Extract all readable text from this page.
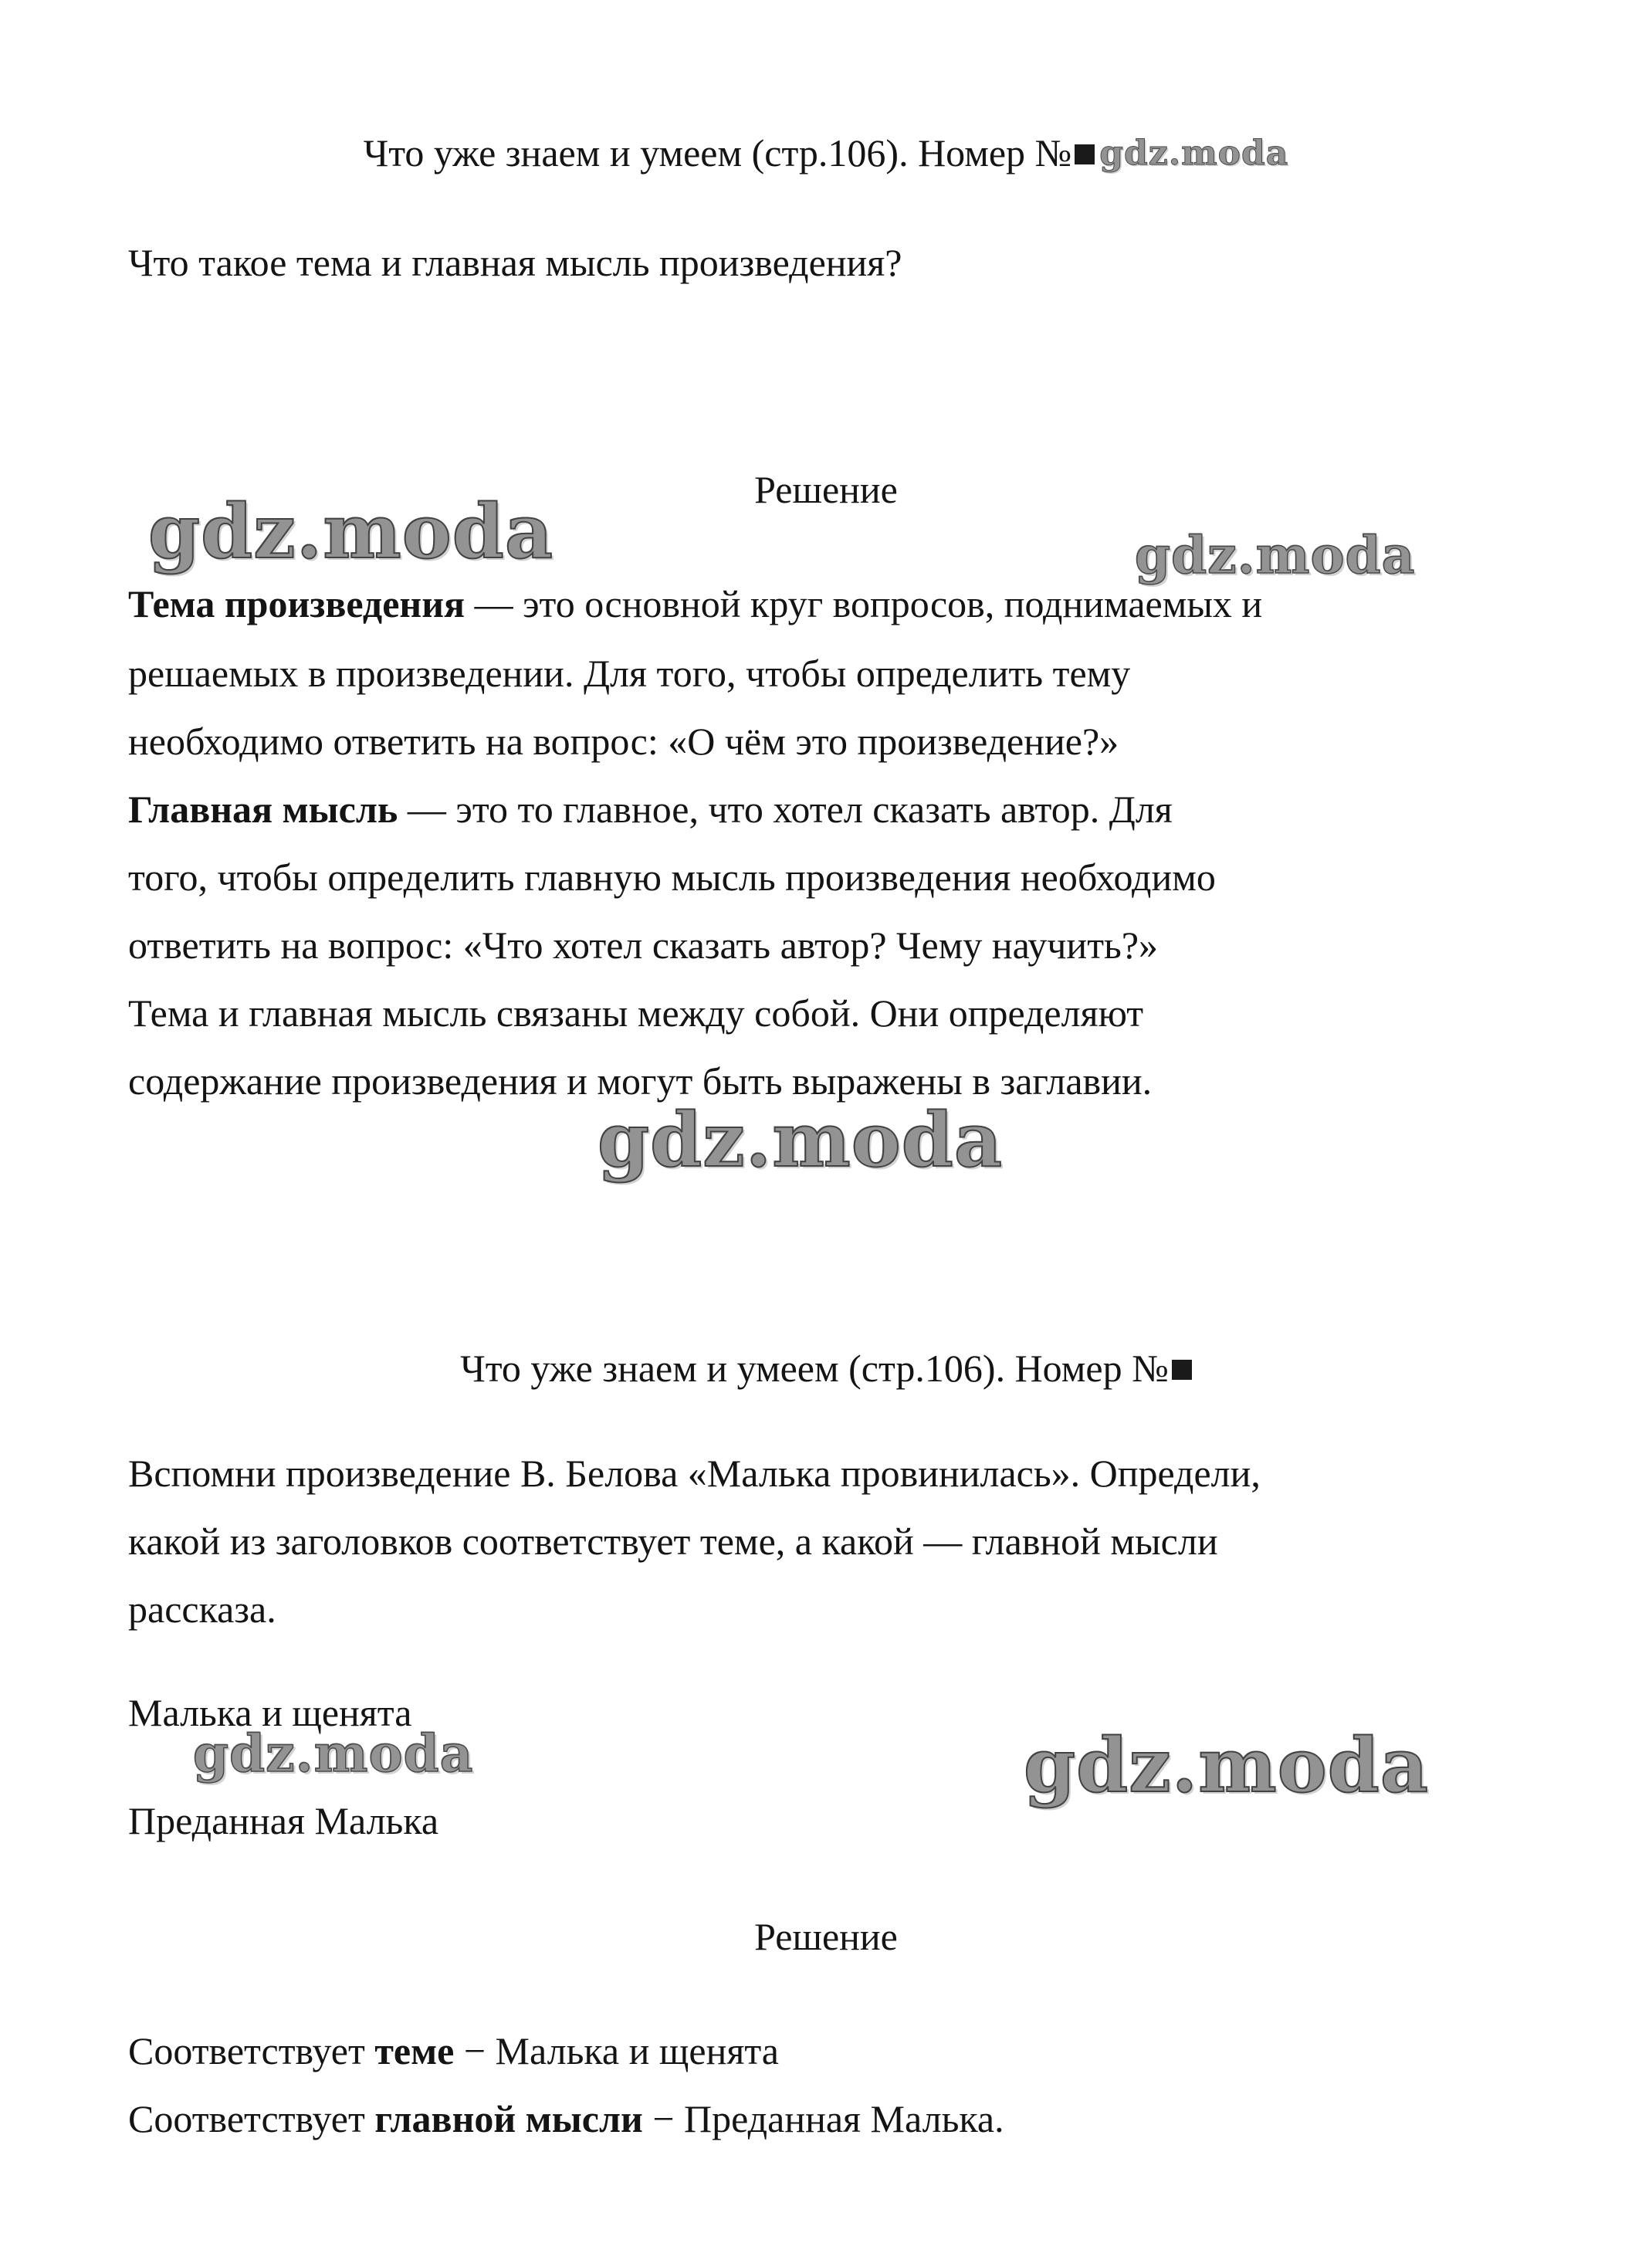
Что уже знаем и умеем (стр.106). Номер № gdz.moda
Что такое тема и главная мысль произведения?
Решение
Тема произведения — это основной круг вопросов, поднимаемых и
решаемых в произведении. Для того, чтобы определить тему
необходимо ответить на вопрос: «О чём это произведение?»
Главная мысль — это то главное, что хотел сказать автор. Для
того, чтобы определить главную мысль произведения необходимо
ответить на вопрос: «Что хотел сказать автор? Чему научить?»
Тема и главная мысль связаны между собой. Они определяют
содержание произведения и могут быть выражены в заглавии.
Что уже знаем и умеем (стр.106). Номер №
Вспомни произведение В. Белова «Малька провинилась». Определи,
какой из заголовков соответствует теме, а какой — главной мысли
рассказа.
Малька и щенята
Преданная Малька
Решение
Соответствует теме − Малька и щенята
Соответствует главной мысли − Преданная Малька.
gdz.moda	gdz.moda
gdz.moda
gdz.moda	gdz.moda
